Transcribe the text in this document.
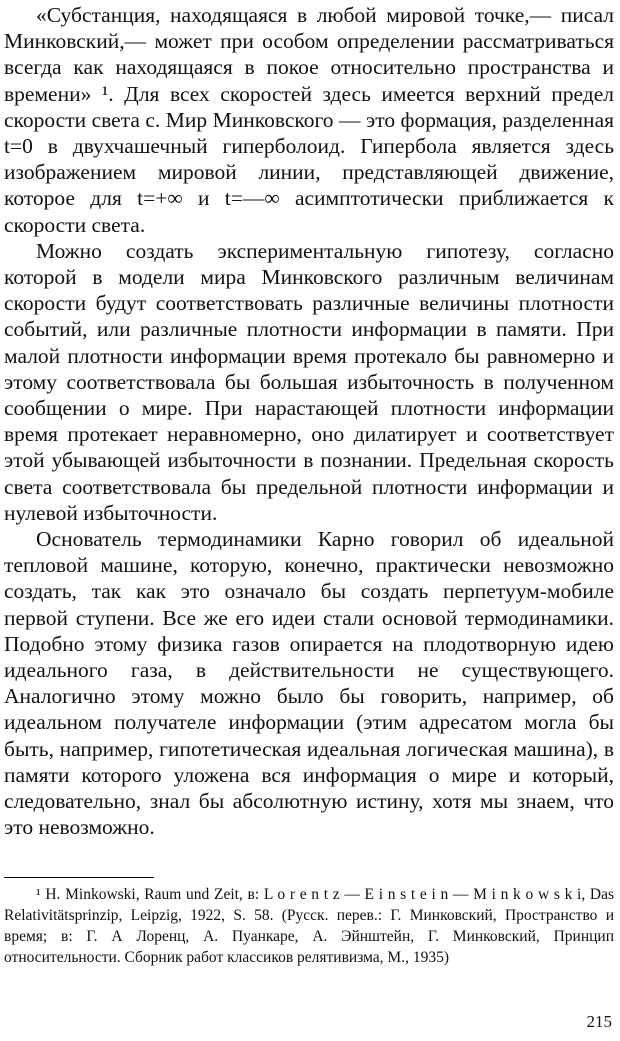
«Субстанция, находящаяся в любой мировой точке,— писал Минковский,— может при особом определении рассматриваться всегда как находящаяся в покое относительно пространства и времени» ¹. Для всех скоростей здесь имеется верхний предел скорости света c. Мир Минковского — это формация, разделенная t=0 в двухчашечный гиперболоид. Гипербола является здесь изображением мировой линии, представляющей движение, которое для t=+∞ и t=—∞ асимптотически приближается к скорости света.

Можно создать экспериментальную гипотезу, согласно которой в модели мира Минковского различным величинам скорости будут соответствовать различные величины плотности событий, или различные плотности информации в памяти. При малой плотности информации время протекало бы равномерно и этому соответствовала бы большая избыточность в полученном сообщении о мире. При нарастающей плотности информации время протекает неравномерно, оно дилатирует и соответствует этой убывающей избыточности в познании. Предельная скорость света соответствовала бы предельной плотности информации и нулевой избыточности.

Основатель термодинамики Карно говорил об идеальной тепловой машине, которую, конечно, практически невозможно создать, так как это означало бы создать перпетуум-мобиле первой ступени. Все же его идеи стали основой термодинамики. Подобно этому физика газов опирается на плодотворную идею идеального газа, в действительности не существующего. Аналогично этому можно было бы говорить, например, об идеальном получателе информации (этим адресатом могла бы быть, например, гипотетическая идеальная логическая машина), в памяти которого уложена вся информация о мире и который, следовательно, знал бы абсолютную истину, хотя мы знаем, что это невозможно.

¹ H. Minkowski, Raum und Zeit, в: L o r e n t z — E i n s t e i n — M i n k o w s k i, Das Relativitätsprinzip, Leipzig, 1922, S. 58. (Русск. перев.: Г. Минковский, Пространство и время; в: Г. А Лоренц, А. Пуанкаре, А. Эйнштейн, Г. Минковский, Принцип относительности. Сборник работ классиков релятивизма, М., 1935)

215
